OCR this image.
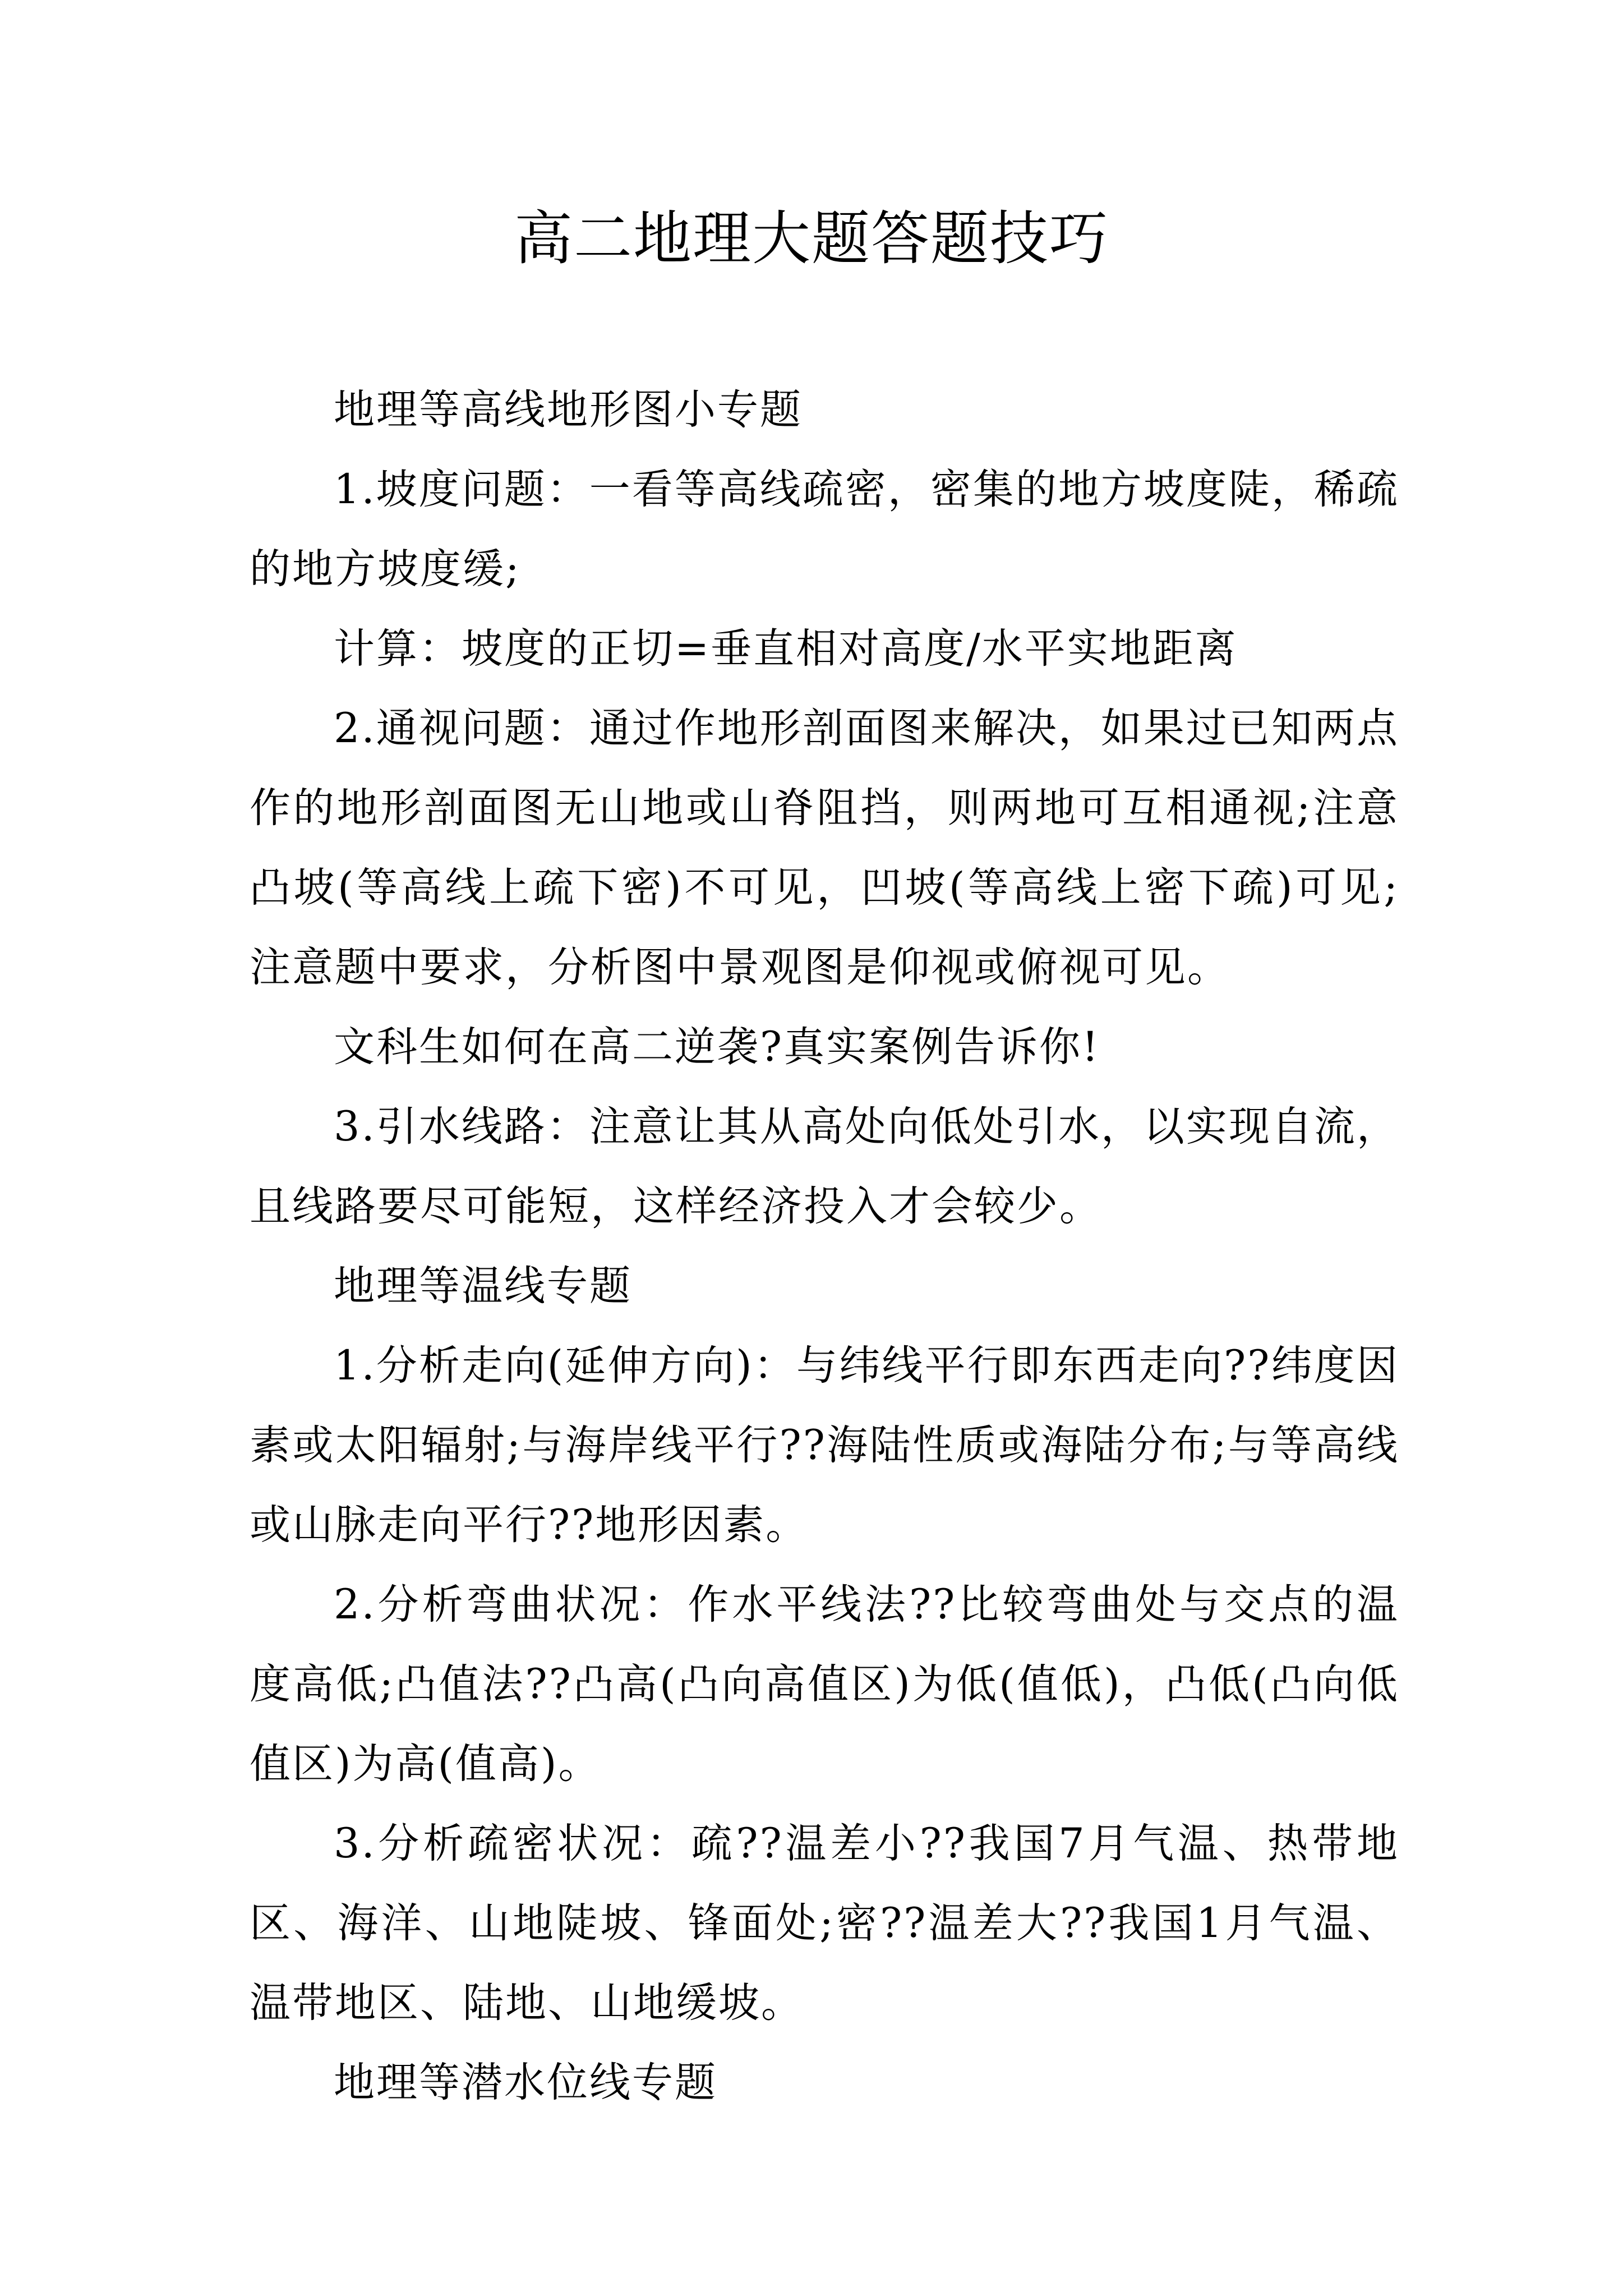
高二地理大题答题技巧

地理等高线地形图小专题

1.坡度问题：一看等高线疏密，密集的地方坡度陡，稀疏的地方坡度缓;

计算：坡度的正切=垂直相对高度/水平实地距离

2.通视问题：通过作地形剖面图来解决，如果过已知两点作的地形剖面图无山地或山脊阻挡，则两地可互相通视;注意凸坡(等高线上疏下密)不可见，凹坡(等高线上密下疏)可见;注意题中要求，分析图中景观图是仰视或俯视可见。

文科生如何在高二逆袭?真实案例告诉你!

3.引水线路：注意让其从高处向低处引水，以实现自流，且线路要尽可能短，这样经济投入才会较少。

地理等温线专题

1.分析走向(延伸方向)：与纬线平行即东西走向??纬度因素或太阳辐射;与海岸线平行??海陆性质或海陆分布;与等高线或山脉走向平行??地形因素。

2.分析弯曲状况：作水平线法??比较弯曲处与交点的温度高低;凸值法??凸高(凸向高值区)为低(值低)，凸低(凸向低值区)为高(值高)。

3.分析疏密状况：疏??温差小??我国7月气温、热带地区、海洋、山地陡坡、锋面处;密??温差大??我国1月气温、温带地区、陆地、山地缓坡。

地理等潜水位线专题
